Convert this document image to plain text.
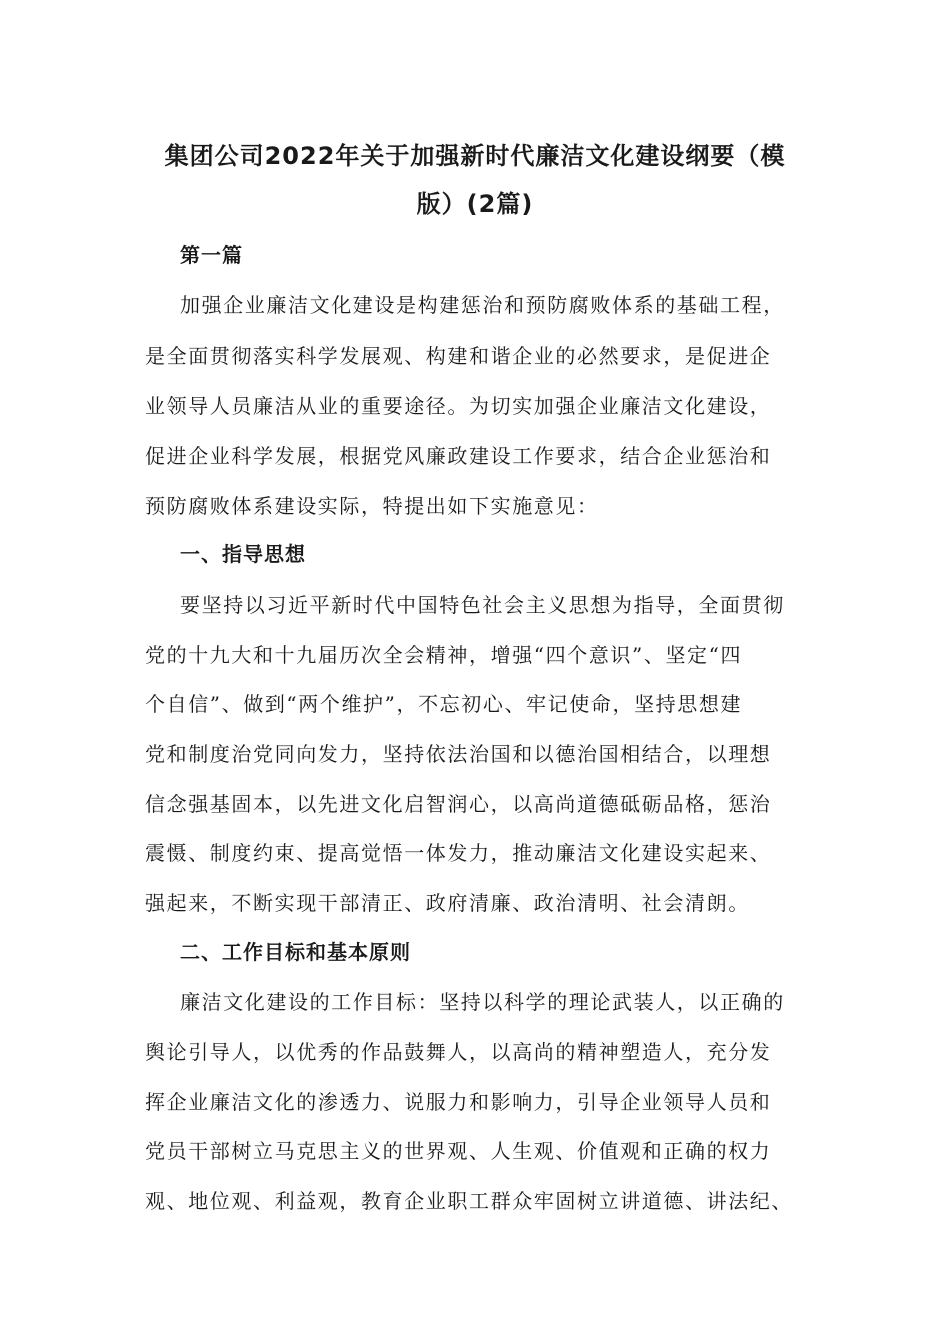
集团公司2022年关于加强新时代廉洁文化建设纲要（模
版）(2篇)
第一篇
加强企业廉洁文化建设是构建惩治和预防腐败体系的基础工程，
是全面贯彻落实科学发展观、构建和谐企业的必然要求，是促进企
业领导人员廉洁从业的重要途径。为切实加强企业廉洁文化建设，
促进企业科学发展，根据党风廉政建设工作要求，结合企业惩治和
预防腐败体系建设实际，特提出如下实施意见：
一、指导思想
要坚持以习近平新时代中国特色社会主义思想为指导，全面贯彻
党的十九大和十九届历次全会精神，增强“四个意识”、坚定“四
个自信”、做到“两个维护”，不忘初心、牢记使命，坚持思想建
党和制度治党同向发力，坚持依法治国和以德治国相结合，以理想
信念强基固本，以先进文化启智润心，以高尚道德砥砺品格，惩治
震慑、制度约束、提高觉悟一体发力，推动廉洁文化建设实起来、
强起来，不断实现干部清正、政府清廉、政治清明、社会清朗。
二、工作目标和基本原则
廉洁文化建设的工作目标：坚持以科学的理论武装人，以正确的
舆论引导人，以优秀的作品鼓舞人，以高尚的精神塑造人，充分发
挥企业廉洁文化的渗透力、说服力和影响力，引导企业领导人员和
党员干部树立马克思主义的世界观、人生观、价值观和正确的权力
观、地位观、利益观，教育企业职工群众牢固树立讲道德、讲法纪、
